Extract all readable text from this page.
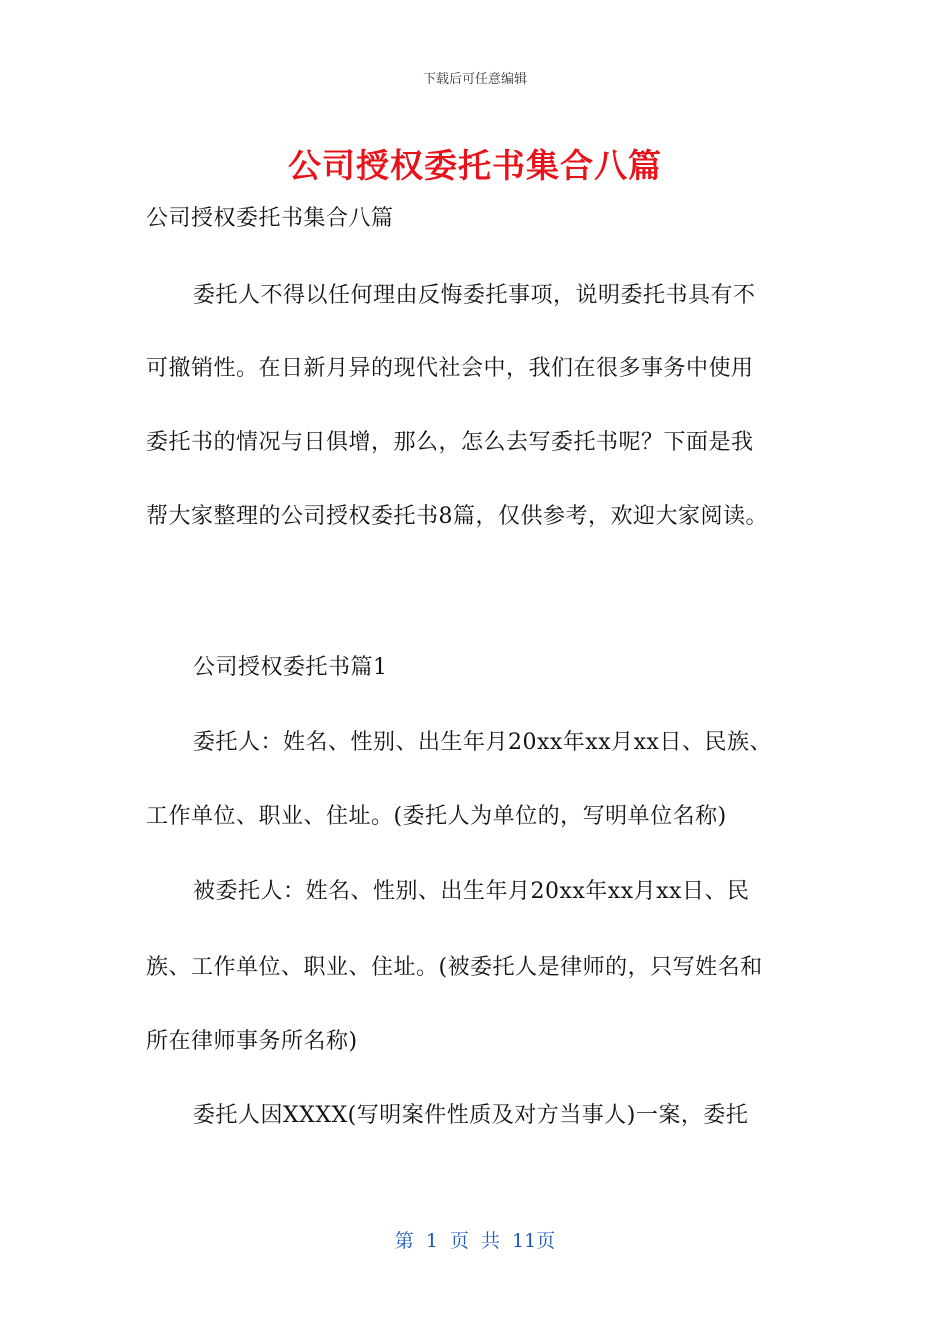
下载后可任意编辑
公司授权委托书集合八篇
公司授权委托书集合八篇
委托人不得以任何理由反悔委托事项，说明委托书具有不
可撤销性。在日新月异的现代社会中，我们在很多事务中使用
委托书的情况与日俱增，那么，怎么去写委托书呢？下面是我
帮大家整理的公司授权委托书8篇，仅供参考，欢迎大家阅读。
公司授权委托书篇1
委托人：姓名、性别、出生年月20xx年xx月xx日、民族、
工作单位、职业、住址。(委托人为单位的，写明单位名称)
被委托人：姓名、性别、出生年月20xx年xx月xx日、民
族、工作单位、职业、住址。(被委托人是律师的，只写姓名和
所在律师事务所名称)
委托人因XXXX(写明案件性质及对方当事人)一案，委托
第 1 页 共 11页
